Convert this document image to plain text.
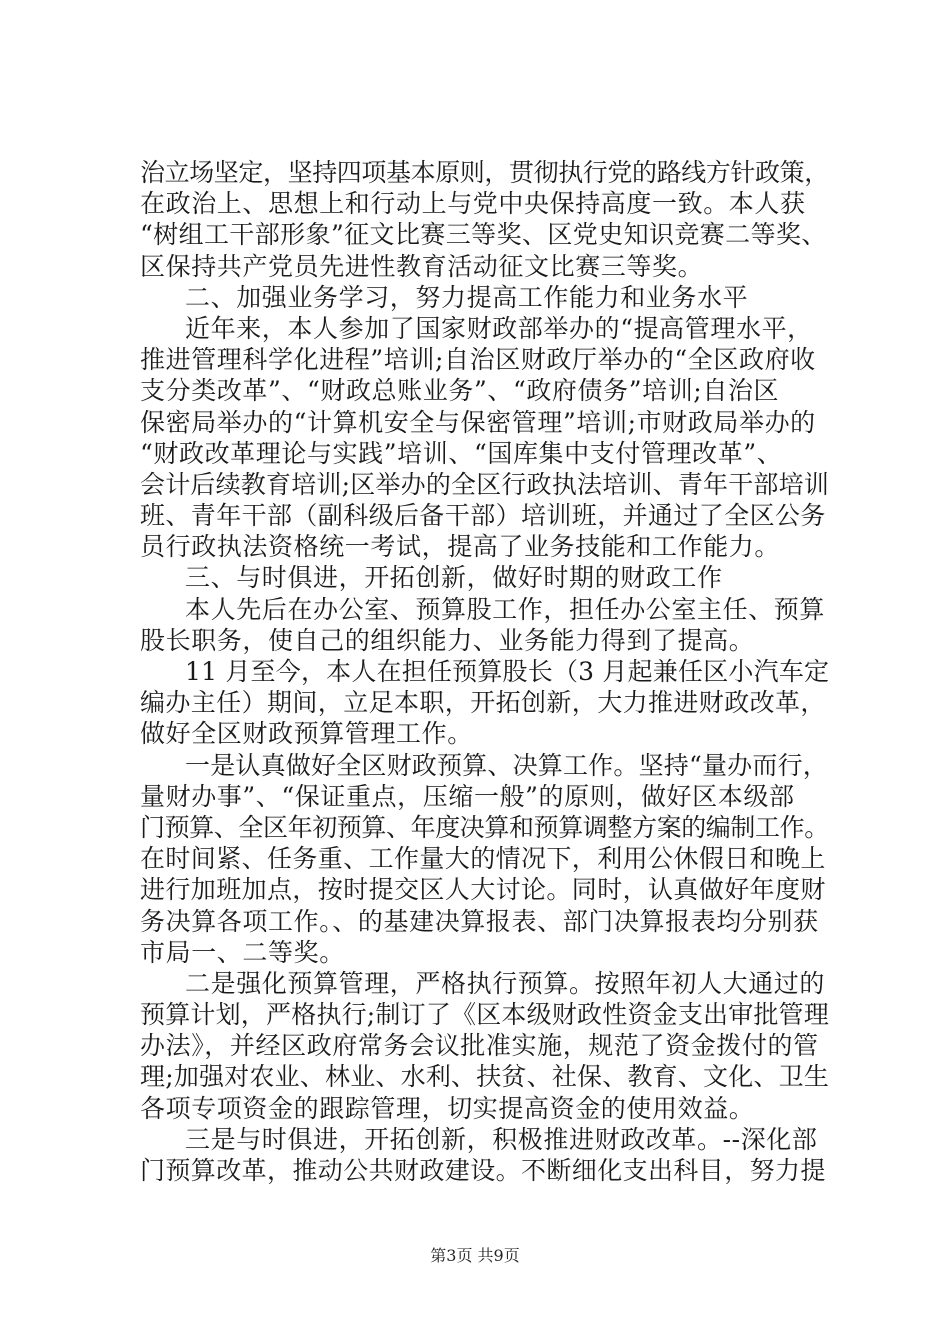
治立场坚定，坚持四项基本原则，贯彻执行党的路线方针政策，
在政治上、思想上和行动上与党中央保持高度一致。本人获
“树组工干部形象”征文比赛三等奖、区党史知识竞赛二等奖、
区保持共产党员先进性教育活动征文比赛三等奖。
二、加强业务学习，努力提高工作能力和业务水平
近年来，本人参加了国家财政部举办的“提高管理水平，
推进管理科学化进程”培训;自治区财政厅举办的“全区政府收
支分类改革”、“财政总账业务”、“政府债务”培训;自治区
保密局举办的“计算机安全与保密管理”培训;市财政局举办的
“财政改革理论与实践”培训、“国库集中支付管理改革”、
会计后续教育培训;区举办的全区行政执法培训、青年干部培训
班、青年干部（副科级后备干部）培训班，并通过了全区公务
员行政执法资格统一考试，提高了业务技能和工作能力。
三、与时俱进，开拓创新，做好时期的财政工作
本人先后在办公室、预算股工作，担任办公室主任、预算
股长职务，使自己的组织能力、业务能力得到了提高。
11 月至今，本人在担任预算股长（3 月起兼任区小汽车定
编办主任）期间，立足本职，开拓创新，大力推进财政改革，
做好全区财政预算管理工作。
一是认真做好全区财政预算、决算工作。坚持“量办而行，
量财办事”、“保证重点，压缩一般”的原则，做好区本级部
门预算、全区年初预算、年度决算和预算调整方案的编制工作。
在时间紧、任务重、工作量大的情况下，利用公休假日和晚上
进行加班加点，按时提交区人大讨论。同时，认真做好年度财
务决算各项工作。、的基建决算报表、部门决算报表均分别获
市局一、二等奖。
二是强化预算管理，严格执行预算。按照年初人大通过的
预算计划，严格执行;制订了《区本级财政性资金支出审批管理
办法》，并经区政府常务会议批准实施，规范了资金拨付的管
理;加强对农业、林业、水利、扶贫、社保、教育、文化、卫生
各项专项资金的跟踪管理，切实提高资金的使用效益。
三是与时俱进，开拓创新，积极推进财政改革。--深化部
门预算改革，推动公共财政建设。不断细化支出科目，努力提
第3页 共9页
